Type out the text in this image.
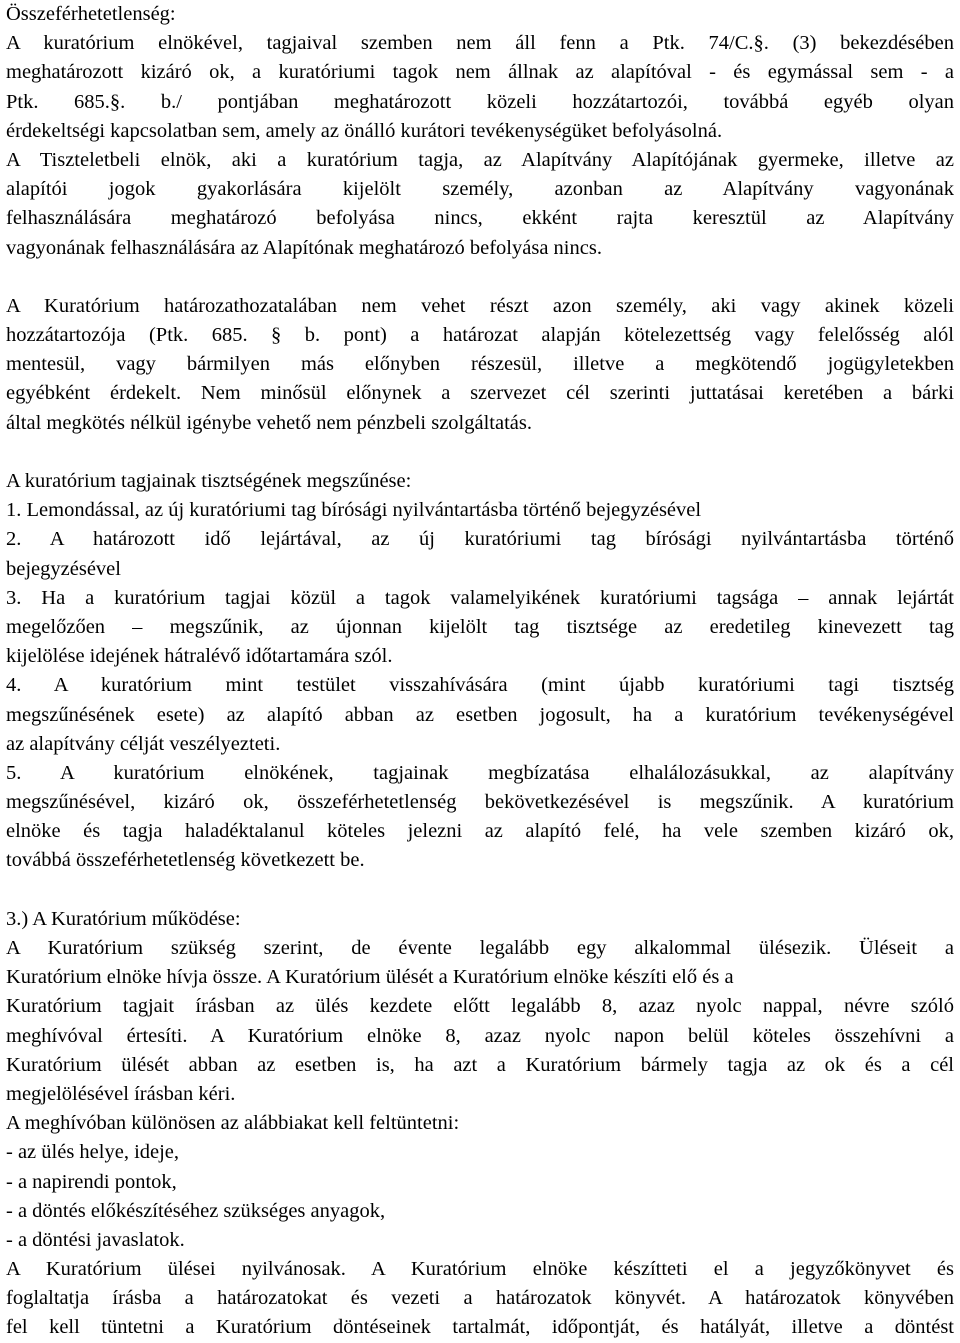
Összeférhetetlenség:
A kuratórium elnökével, tagjaival szemben nem áll fenn a Ptk. 74/C.§. (3) bekezdésében
meghatározott kizáró ok, a kuratóriumi tagok nem állnak az alapítóval - és egymással sem - a
Ptk. 685.§. b./ pontjában meghatározott közeli hozzátartozói, továbbá egyéb olyan
érdekeltségi kapcsolatban sem, amely az önálló kurátori tevékenységüket befolyásolná.
A Tiszteletbeli elnök, aki a kuratórium tagja, az Alapítvány Alapítójának gyermeke, illetve az
alapítói jogok gyakorlására kijelölt személy, azonban az Alapítvány vagyonának
felhasználására meghatározó befolyása nincs, ekként rajta keresztül az Alapítvány
vagyonának felhasználására az Alapítónak meghatározó befolyása nincs.

A Kuratórium határozathozatalában nem vehet részt azon személy, aki vagy akinek közeli
hozzátartozója (Ptk. 685. § b. pont) a határozat alapján kötelezettség vagy felelősség alól
mentesül, vagy bármilyen más előnyben részesül, illetve a megkötendő jogügyletekben
egyébként érdekelt. Nem minősül előnynek a szervezet cél szerinti juttatásai keretében a bárki
által megkötés nélkül igénybe vehető nem pénzbeli szolgáltatás.

A kuratórium tagjainak tisztségének megszűnése:
1. Lemondással, az új kuratóriumi tag bírósági nyilvántartásba történő bejegyzésével
2. A határozott idő lejártával, az új kuratóriumi tag bírósági nyilvántartásba történő
bejegyzésével
3. Ha a kuratórium tagjai közül a tagok valamelyikének kuratóriumi tagsága – annak lejártát
megelőzően – megszűnik, az újonnan kijelölt tag tisztsége az eredetileg kinevezett tag
kijelölése idejének hátralévő időtartamára szól.
4. A kuratórium mint testület visszahívására (mint újabb kuratóriumi tagi tisztség
megszűnésének esete) az alapító abban az esetben jogosult, ha a kuratórium tevékenységével
az alapítvány célját veszélyezteti.
5. A kuratórium elnökének, tagjainak megbízatása elhalálozásukkal, az alapítvány
megszűnésével, kizáró ok, összeférhetetlenség bekövetkezésével is megszűnik. A kuratórium
elnöke és tagja haladéktalanul köteles jelezni az alapító felé, ha vele szemben kizáró ok,
továbbá összeférhetetlenség következett be.

3.) A Kuratórium működése:
A Kuratórium szükség szerint, de évente legalább egy alkalommal ülésezik. Üléseit a
Kuratórium elnöke hívja össze. A Kuratórium ülését a Kuratórium elnöke készíti elő és a
Kuratórium tagjait írásban az ülés kezdete előtt legalább 8, azaz nyolc nappal, névre szóló
meghívóval értesíti. A Kuratórium elnöke 8, azaz nyolc napon belül köteles összehívni a
Kuratórium ülését abban az esetben is, ha azt a Kuratórium bármely tagja az ok és a cél
megjelölésével írásban kéri.
A meghívóban különösen az alábbiakat kell feltüntetni:
- az ülés helye, ideje,
- a napirendi pontok,
- a döntés előkészítéséhez szükséges anyagok,
- a döntési javaslatok.
A Kuratórium ülései nyilvánosak. A Kuratórium elnöke készítteti el a jegyzőkönyvet és
foglaltatja írásba a határozatokat és vezeti a határozatok könyvét. A határozatok könyvében
fel kell tüntetni a Kuratórium döntéseinek tartalmát, időpontját, és hatályát, illetve a döntést
